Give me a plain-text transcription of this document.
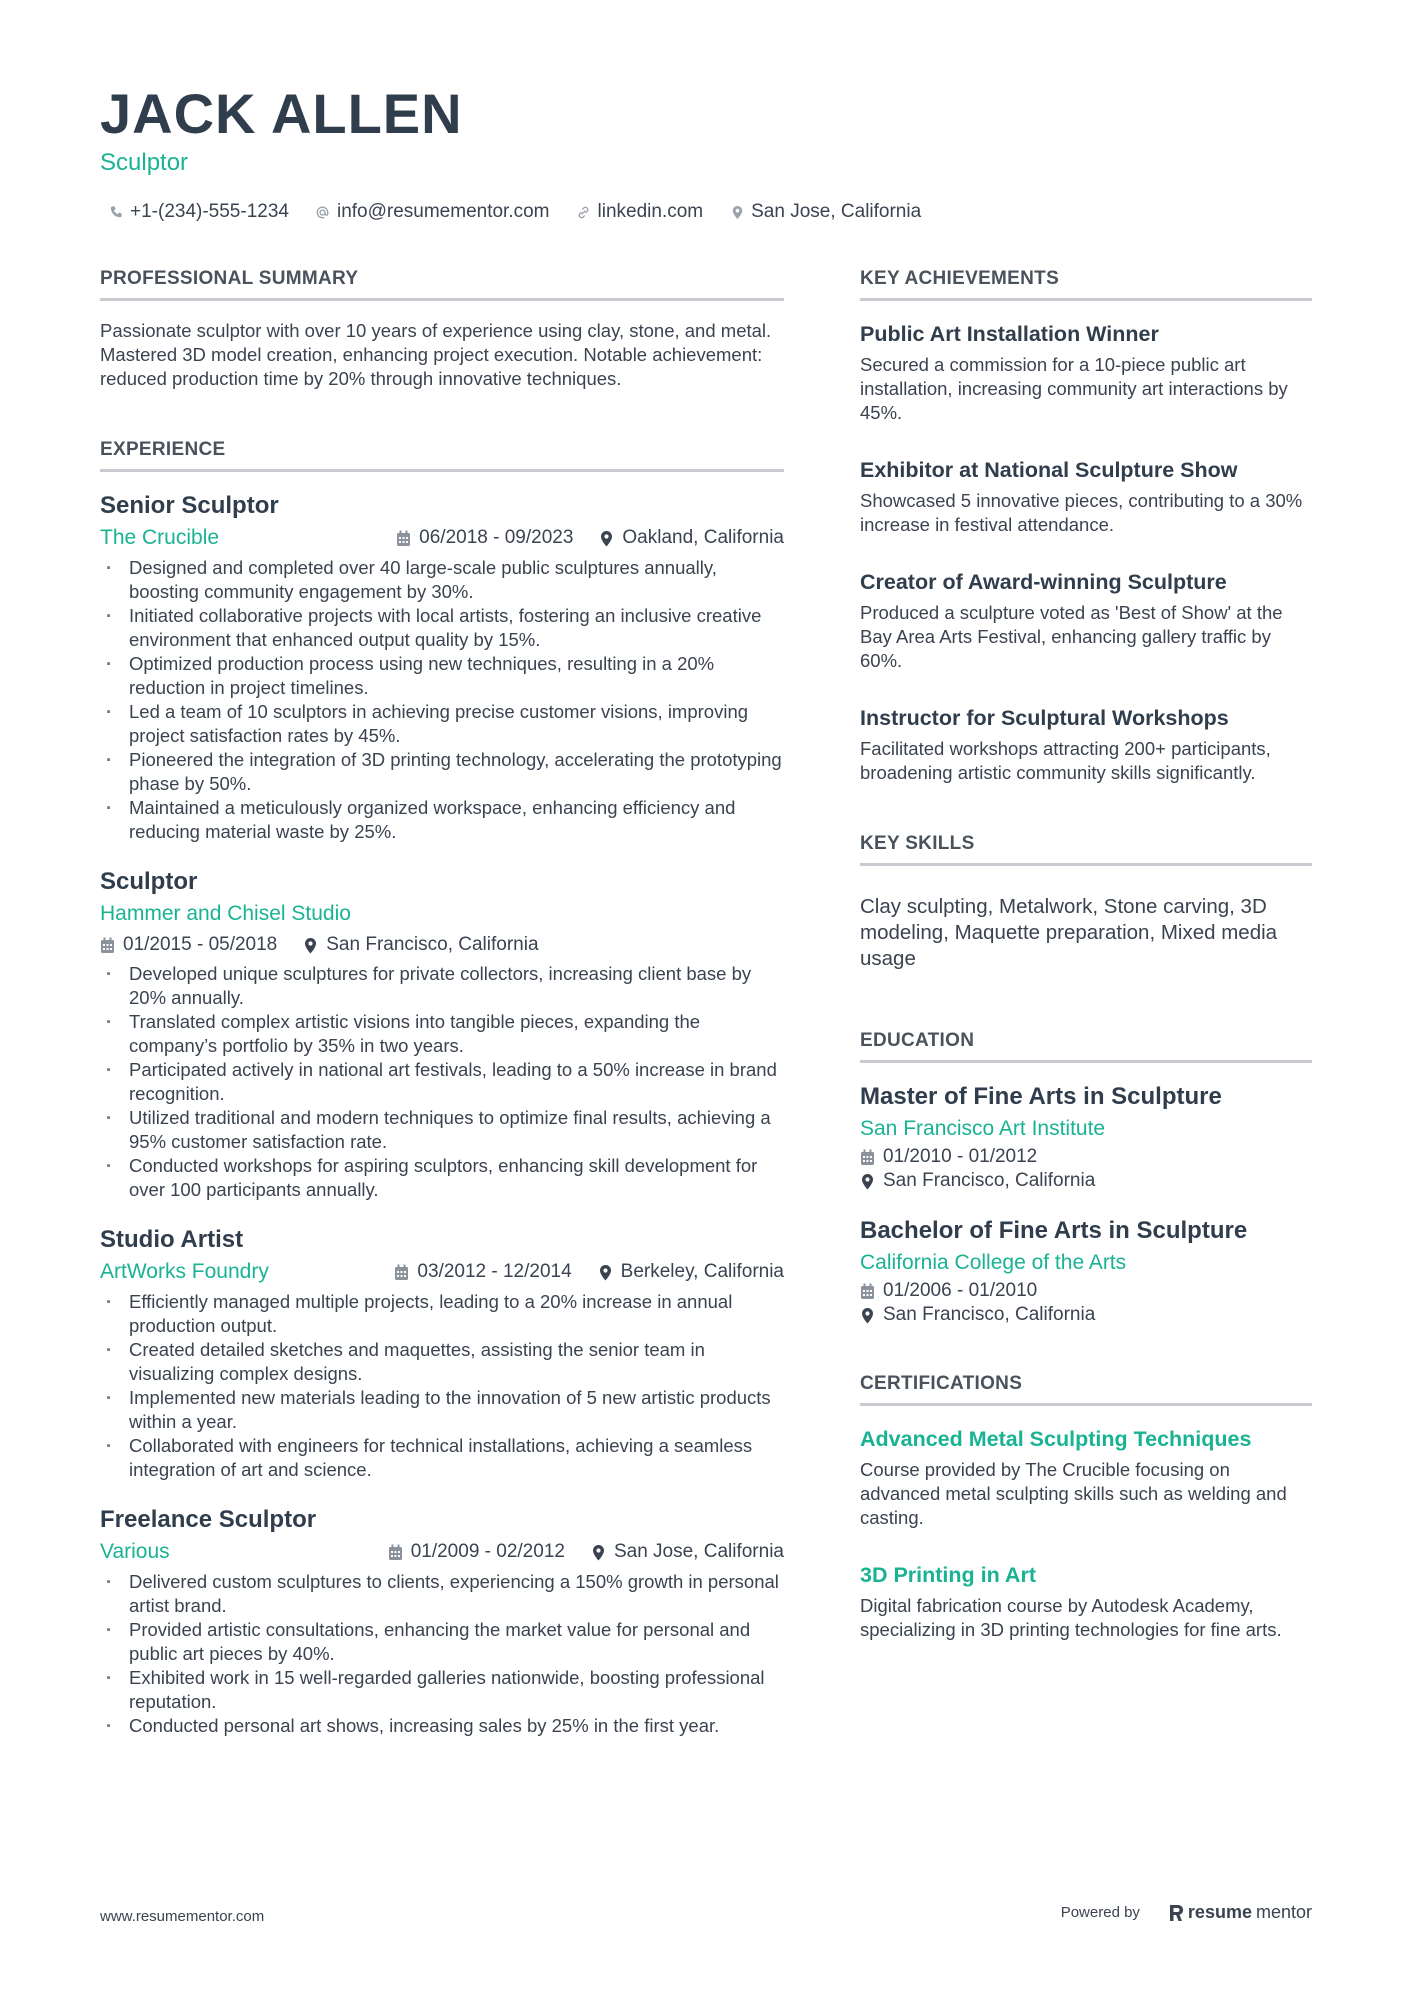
JACK ALLEN
Sculptor
+1-(234)-555-1234	info@resumementor.com	linkedin.com	San Jose, California
PROFESSIONAL SUMMARY

Passionate sculptor with over 10 years of experience using clay, stone, and metal. Mastered 3D model creation, enhancing project execution. Notable achievement: reduced production time by 20% through innovative techniques.

EXPERIENCE
Senior Sculptor
The Crucible	06/2018 - 09/2023	Oakland, California
· Designed and completed over 40 large-scale public sculptures annually, boosting community engagement by 30%.
· Initiated collaborative projects with local artists, fostering an inclusive creative environment that enhanced output quality by 15%.
· Optimized production process using new techniques, resulting in a 20% reduction in project timelines.
· Led a team of 10 sculptors in achieving precise customer visions, improving project satisfaction rates by 45%.
· Pioneered the integration of 3D printing technology, accelerating the prototyping phase by 50%.
· Maintained a meticulously organized workspace, enhancing efficiency and reducing material waste by 25%.
Sculptor
Hammer and Chisel Studio
01/2015 - 05/2018	San Francisco, California
· Developed unique sculptures for private collectors, increasing client base by 20% annually.
· Translated complex artistic visions into tangible pieces, expanding the company’s portfolio by 35% in two years.
· Participated actively in national art festivals, leading to a 50% increase in brand recognition.
· Utilized traditional and modern techniques to optimize final results, achieving a 95% customer satisfaction rate.
· Conducted workshops for aspiring sculptors, enhancing skill development for over 100 participants annually.
Studio Artist
ArtWorks Foundry	03/2012 - 12/2014	Berkeley, California
· Efficiently managed multiple projects, leading to a 20% increase in annual production output.
· Created detailed sketches and maquettes, assisting the senior team in visualizing complex designs.
· Implemented new materials leading to the innovation of 5 new artistic products within a year.
· Collaborated with engineers for technical installations, achieving a seamless integration of art and science.
Freelance Sculptor
Various	01/2009 - 02/2012	San Jose, California
· Delivered custom sculptures to clients, experiencing a 150% growth in personal artist brand.
· Provided artistic consultations, enhancing the market value for personal and public art pieces by 40%.
· Exhibited work in 15 well-regarded galleries nationwide, boosting professional reputation.
· Conducted personal art shows, increasing sales by 25% in the first year.
KEY ACHIEVEMENTS
Public Art Installation Winner

Secured a commission for a 10-piece public art installation, increasing community art interactions by 45%.

Exhibitor at National Sculpture Show

Showcased 5 innovative pieces, contributing to a 30% increase in festival attendance.

Creator of Award-winning Sculpture

Produced a sculpture voted as 'Best of Show' at the Bay Area Arts Festival, enhancing gallery traffic by 60%.

Instructor for Sculptural Workshops

Facilitated workshops attracting 200+ participants, broadening artistic community skills significantly.

KEY SKILLS

Clay sculpting, Metalwork, Stone carving, 3D modeling, Maquette preparation, Mixed media usage

EDUCATION
Master of Fine Arts in Sculpture
San Francisco Art Institute
01/2010 - 01/2012
San Francisco, California
Bachelor of Fine Arts in Sculpture
California College of the Arts
01/2006 - 01/2010
San Francisco, California
CERTIFICATIONS
Advanced Metal Sculpting Techniques

Course provided by The Crucible focusing on advanced metal sculpting skills such as welding and casting.

3D Printing in Art

Digital fabrication course by Autodesk Academy, specializing in 3D printing technologies for fine arts.

www.resumementor.com	Powered by	resume mentor
